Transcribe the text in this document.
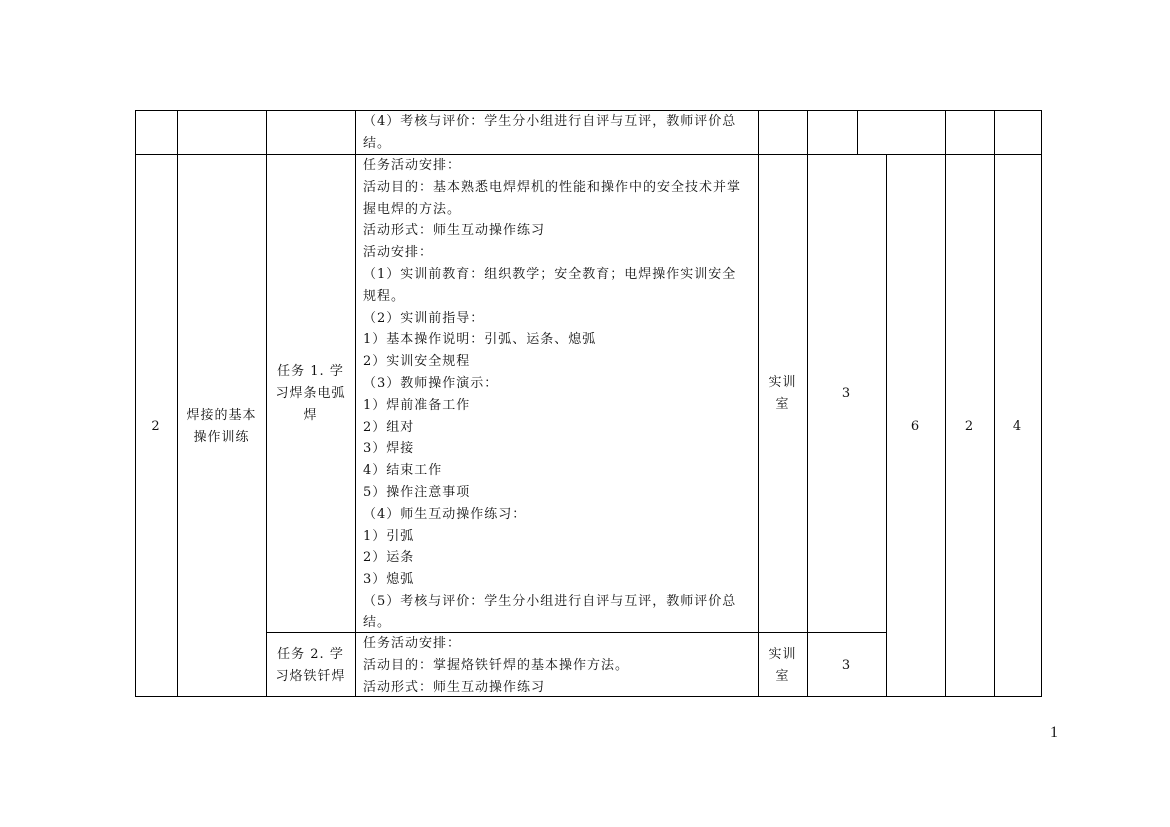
（4）考核与评价：学生分小组进行自评与互评，教师评价总
结。
2
焊接的基本
操作训练
任务 1. 学
习焊条电弧
焊
任务活动安排：
活动目的：基本熟悉电焊焊机的性能和操作中的安全技术并掌
握电焊的方法。
活动形式：师生互动操作练习
活动安排：
（1）实训前教育：组织教学；安全教育；电焊操作实训安全
规程。
（2）实训前指导：
1）基本操作说明：引弧、运条、熄弧
2）实训安全规程
（3）教师操作演示：
1）焊前准备工作
2）组对
3）焊接
4）结束工作
5）操作注意事项
（4）师生互动操作练习：
1）引弧
2）运条
3）熄弧
（5）考核与评价：学生分小组进行自评与互评，教师评价总
结。
实训
室
3
6	2	4
任务 2. 学
习烙铁钎焊
任务活动安排：
活动目的：掌握烙铁钎焊的基本操作方法。
活动形式：师生互动操作练习
实训
室
3
1
